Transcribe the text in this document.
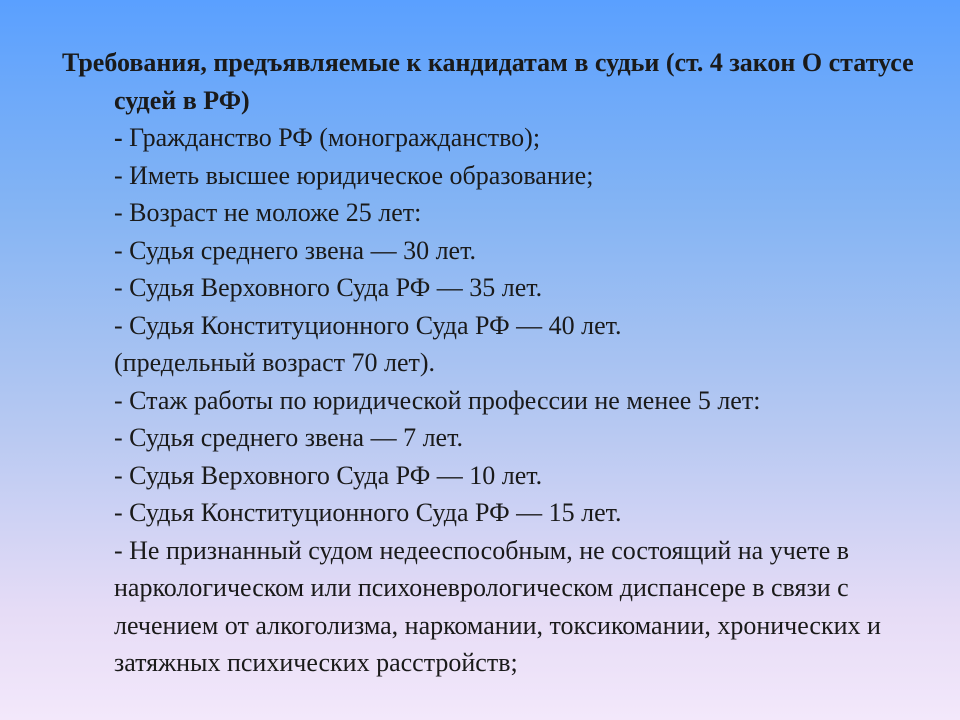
Требования, предъявляемые к кандидатам в судьи (ст. 4 закон О статусе судей в РФ)

- Гражданство РФ (моногражданство);

- Иметь высшее юридическое образование;

- Возраст не моложе 25 лет:

- Судья среднего звена — 30 лет.

- Судья Верховного Суда РФ — 35 лет.

- Судья Конституционного Суда РФ — 40 лет.

(предельный возраст 70 лет).

- Стаж работы по юридической профессии не менее 5 лет:

- Судья среднего звена — 7 лет.

- Судья Верховного Суда РФ — 10 лет.

- Судья Конституционного Суда РФ — 15 лет.

- Не признанный судом недееспособным, не состоящий на учете в наркологическом или психоневрологическом диспансере в связи с лечением от алкоголизма, наркомании, токсикомании, хронических и затяжных психических расстройств;
